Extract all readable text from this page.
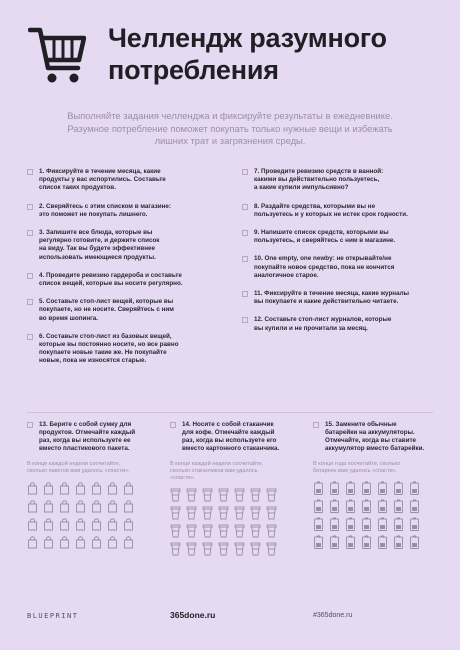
Челлендж разумного
потребления
Выполняйте задания челленджа и фиксируйте результаты в ежедневнике. Разумное потребление поможет покупать только нужные вещи и избежать лишних трат и загрязнения среды.
1. Фиксируйте в течение месяца, какие
продукты у вас испортились. Составьте
список таких продуктов.
2. Сверяйтесь с этим списком в магазине:
это поможет не покупать лишнего.
3. Запишите все блюда, которые вы
регулярно готовите, и держите список
на виду. Так вы будете эффективнее
использовать имеющиеся продукты.
4. Проведите ревизию гардероба и составьте
список вещей, которые вы носите регулярно.
5. Составьте стоп-лист вещей, которые вы
покупаете, но не носите. Сверяйтесь с ним
во время шопинга.
6. Составьте стоп-лист из базовых вещей,
которые вы постоянно носите, но все равно
покупаете новые такие же. Не покупайте
новые, пока не износятся старые.
7. Проведите ревизию средств в ванной:
какими вы действительно пользуетесь,
а какие купили импульсивно?
8. Раздайте средства, которыми вы не
пользуетесь и у которых не истек срок годности.
9. Напишите список средств, которыми вы
пользуетесь, и сверяйтесь с ним в магазине.
10. One empty, one newby: не открывайте/не
покупайте новое средство, пока не кончится
аналогичное старое.
11. Фиксируйте в течение месяца, какие журналы
вы покупаете и какие действительно читаете.
12. Составьте стоп-лист журналов, которые
вы купили и не прочитали за месяц.
13. Берите с собой сумку для
продуктов. Отмечайте каждый
раз, когда вы используете ее
вместо пластикового пакета.
В конце каждой недели сосчитайте,
сколько пакетов вам удалось «спасти».
14. Носите с собой стаканчик
для кофе. Отмечайте каждый
раз, когда вы используете его
вместо картонного стаканчика.
В конце каждой недели сосчитайте,
сколько стаканчиков вам удалось
«спасти».
15. Замените обычные
батарейки на аккумуляторы.
Отмечайте, когда вы ставите
аккумулятор вместо батарейки.
В конце года посчитайте, сколько
батареек вам удалось «спасти».
BLUEPRINT	365done.ru	#365done.ru
